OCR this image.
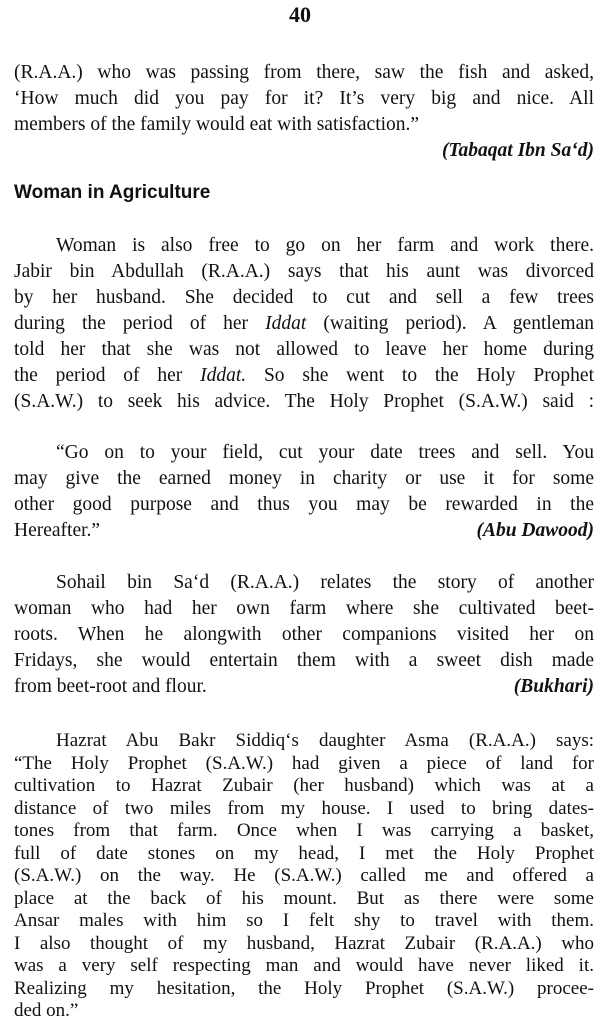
40
(R.A.A.) who was passing from there, saw the fish and asked,
‘How much did you pay for it? It’s very big and nice. All
members of the family would eat with satisfaction.”
(Tabaqat Ibn Sa‘d)
Woman in Agriculture
Woman is also free to go on her farm and work there.
Jabir bin Abdullah (R.A.A.) says that his aunt was divorced
by her husband. She decided to cut and sell a few trees
during the period of her Iddat (waiting period). A gentleman
told her that she was not allowed to leave her home during
the period of her Iddat. So she went to the Holy Prophet
(S.A.W.) to seek his advice. The Holy Prophet (S.A.W.) said :
“Go on to your field, cut your date trees and sell. You
may give the earned money in charity or use it for some
other good purpose and thus you may be rewarded in the
Hereafter.”	(Abu Dawood)
Sohail bin Sa‘d (R.A.A.) relates the story of another
woman who had her own farm where she cultivated beet-
roots. When he alongwith other companions visited her on
Fridays, she would entertain them with a sweet dish made
from beet-root and flour.	(Bukhari)
Hazrat Abu Bakr Siddiq‘s daughter Asma (R.A.A.) says:
“The Holy Prophet (S.A.W.) had given a piece of land for
cultivation to Hazrat Zubair (her husband) which was at a
distance of two miles from my house. I used to bring dates-
tones from that farm. Once when I was carrying a basket,
full of date stones on my head, I met the Holy Prophet
(S.A.W.) on the way. He (S.A.W.) called me and offered a
place at the back of his mount. But as there were some
Ansar males with him so I felt shy to travel with them.
I also thought of my husband, Hazrat Zubair (R.A.A.) who
was a very self respecting man and would have never liked it.
Realizing my hesitation, the Holy Prophet (S.A.W.) procee-
ded on.”
